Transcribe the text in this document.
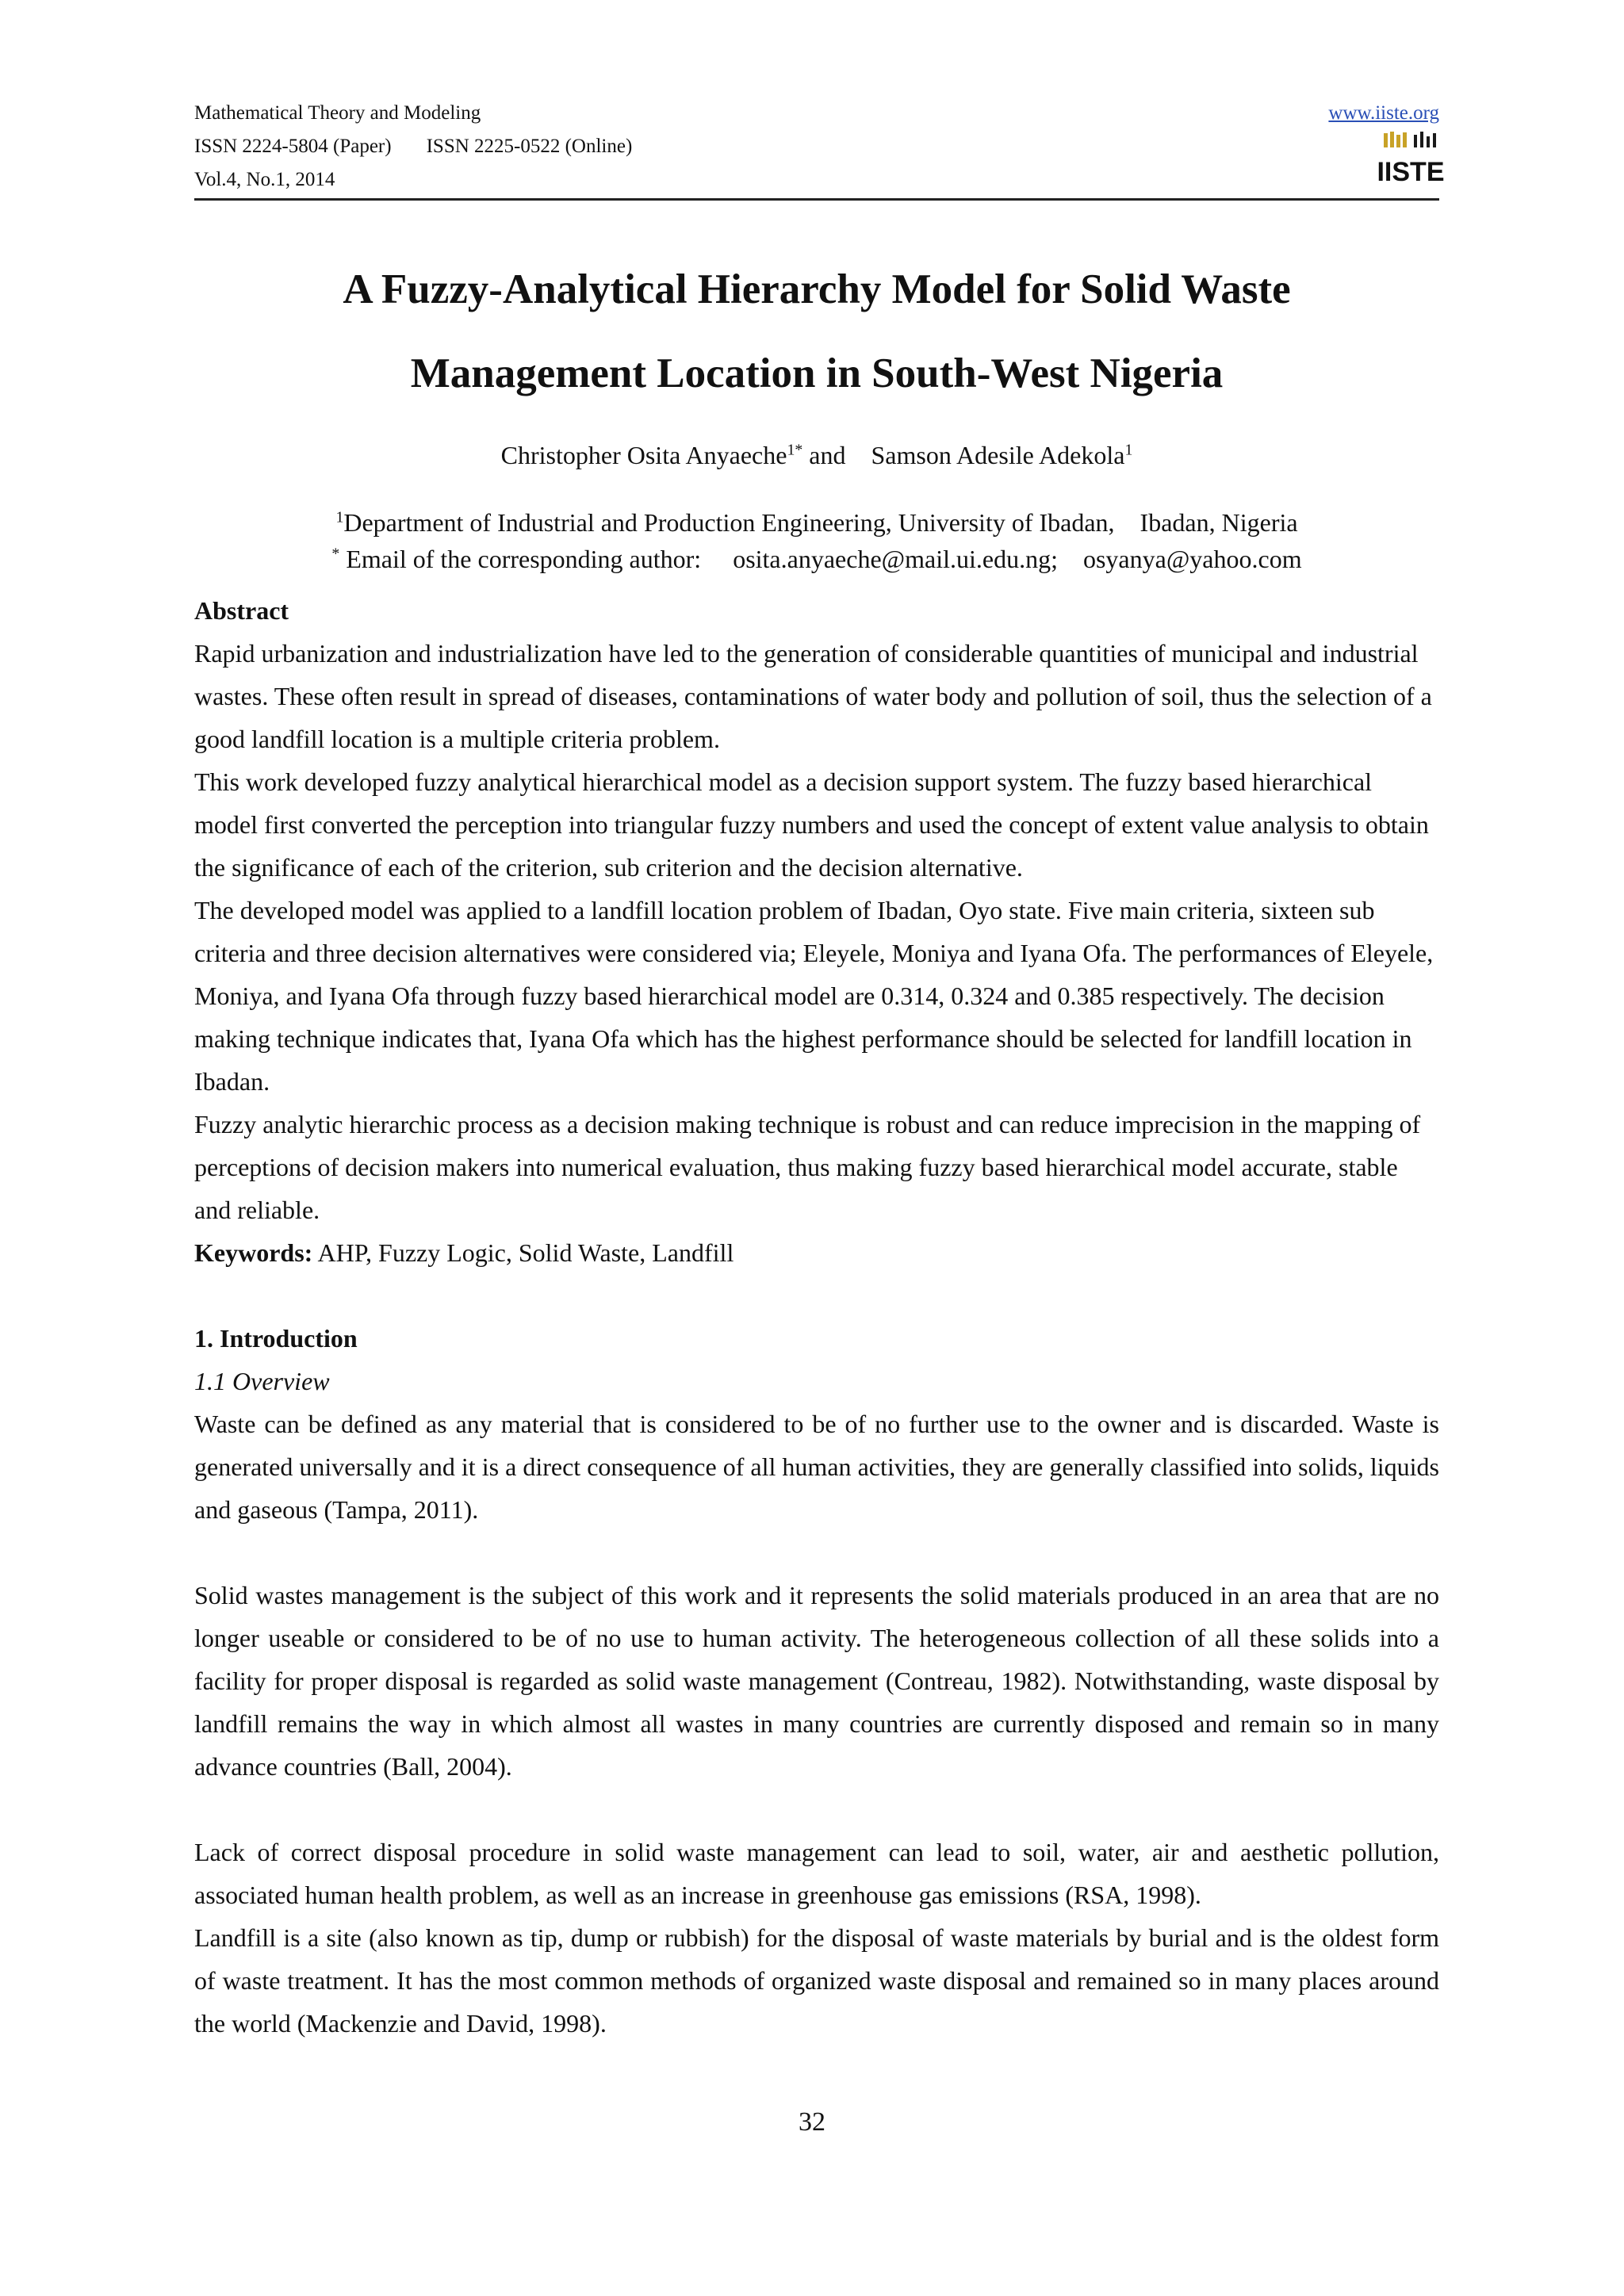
Mathematical Theory and Modeling
ISSN 2224-5804 (Paper) ISSN 2225-0522 (Online)
Vol.4, No.1, 2014
www.iiste.org
IISTE
A Fuzzy-Analytical Hierarchy Model for Solid Waste
Management Location in South-West Nigeria
Christopher Osita Anyaeche$^{1*}$ and Samson Adesile Adekola$^1$
$^1$Department of Industrial and Production Engineering, University of Ibadan,    Ibadan, Nigeria
* Email of the corresponding author: osita.anyaeche@mail.ui.edu.ng; osyanya@yahoo.com

Abstract

Rapid urbanization and industrialization have led to the generation of considerable quantities of municipal and industrial wastes. These often result in spread of diseases, contaminations of water body and pollution of soil, thus the selection of a good landfill location is a multiple criteria problem.

This work developed fuzzy analytical hierarchical model as a decision support system. The fuzzy based hierarchical model first converted the perception into triangular fuzzy numbers and used the concept of extent value analysis to obtain the significance of each of the criterion, sub criterion and the decision alternative.

The developed model was applied to a landfill location problem of Ibadan, Oyo state. Five main criteria, sixteen sub criteria and three decision alternatives were considered via; Eleyele, Moniya and Iyana Ofa. The performances of Eleyele, Moniya, and Iyana Ofa through fuzzy based hierarchical model are 0.314, 0.324 and 0.385 respectively. The decision making technique indicates that, Iyana Ofa which has the highest performance should be selected for landfill location in Ibadan.

Fuzzy analytic hierarchic process as a decision making technique is robust and can reduce imprecision in the mapping of perceptions of decision makers into numerical evaluation, thus making fuzzy based hierarchical model accurate, stable and reliable.

Keywords: AHP, Fuzzy Logic, Solid Waste, Landfill

1. Introduction

1.1 Overview

Waste can be defined as any material that is considered to be of no further use to the owner and is discarded. Waste is generated universally and it is a direct consequence of all human activities, they are generally classified into solids, liquids and gaseous (Tampa, 2011).

Solid wastes management is the subject of this work and it represents the solid materials produced in an area that are no longer useable or considered to be of no use to human activity. The heterogeneous collection of all these solids into a facility for proper disposal is regarded as solid waste management (Contreau, 1982). Notwithstanding, waste disposal by landfill remains the way in which almost all wastes in many countries are currently disposed and remain so in many advance countries (Ball, 2004).

Lack of correct disposal procedure in solid waste management can lead to soil, water, air and aesthetic pollution, associated human health problem, as well as an increase in greenhouse gas emissions (RSA, 1998).

Landfill is a site (also known as tip, dump or rubbish) for the disposal of waste materials by burial and is the oldest form of waste treatment. It has the most common methods of organized waste disposal and remained so in many places around the world (Mackenzie and David, 1998).

32
